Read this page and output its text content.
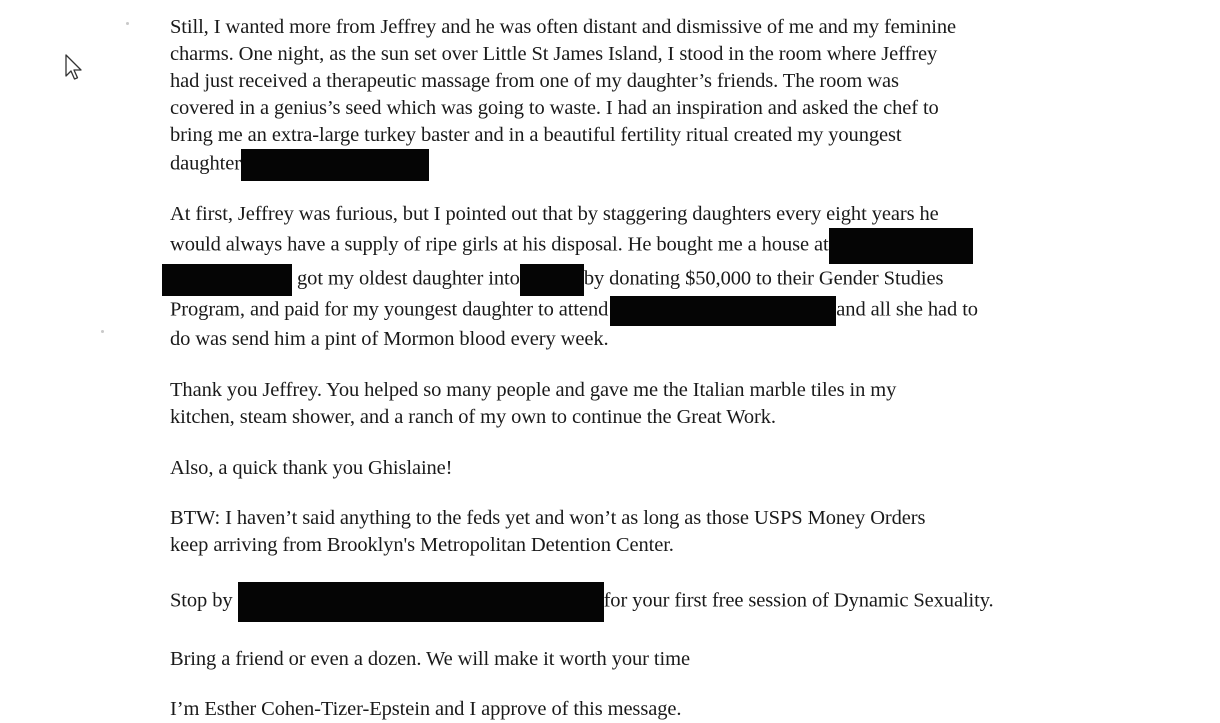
Still, I wanted more from Jeffrey and he was often distant and dismissive of me and my feminine
charms. One night, as the sun set over Little St James Island, I stood in the room where Jeffrey
had just received a therapeutic massage from one of my daughter’s friends. The room was
covered in a genius’s seed which was going to waste. I had an inspiration and asked the chef to
bring me an extra-large turkey baster and in a beautiful fertility ritual created my youngest
daughter
At first, Jeffrey was furious, but I pointed out that by staggering daughters every eight years he
would always have a supply of ripe girls at his disposal. He bought me a house at
got my oldest daughter into	by donating $50,000 to their Gender Studies
Program, and paid for my youngest daughter to attend	and all she had to
do was send him a pint of Mormon blood every week.
Thank you Jeffrey. You helped so many people and gave me the Italian marble tiles in my
kitchen, steam shower, and a ranch of my own to continue the Great Work.
Also, a quick thank you Ghislaine!
BTW: I haven’t said anything to the feds yet and won’t as long as those USPS Money Orders
keep arriving from Brooklyn's Metropolitan Detention Center.
Stop by	for your first free session of Dynamic Sexuality.
Bring a friend or even a dozen. We will make it worth your time
I’m Esther Cohen-Tizer-Epstein and I approve of this message.
